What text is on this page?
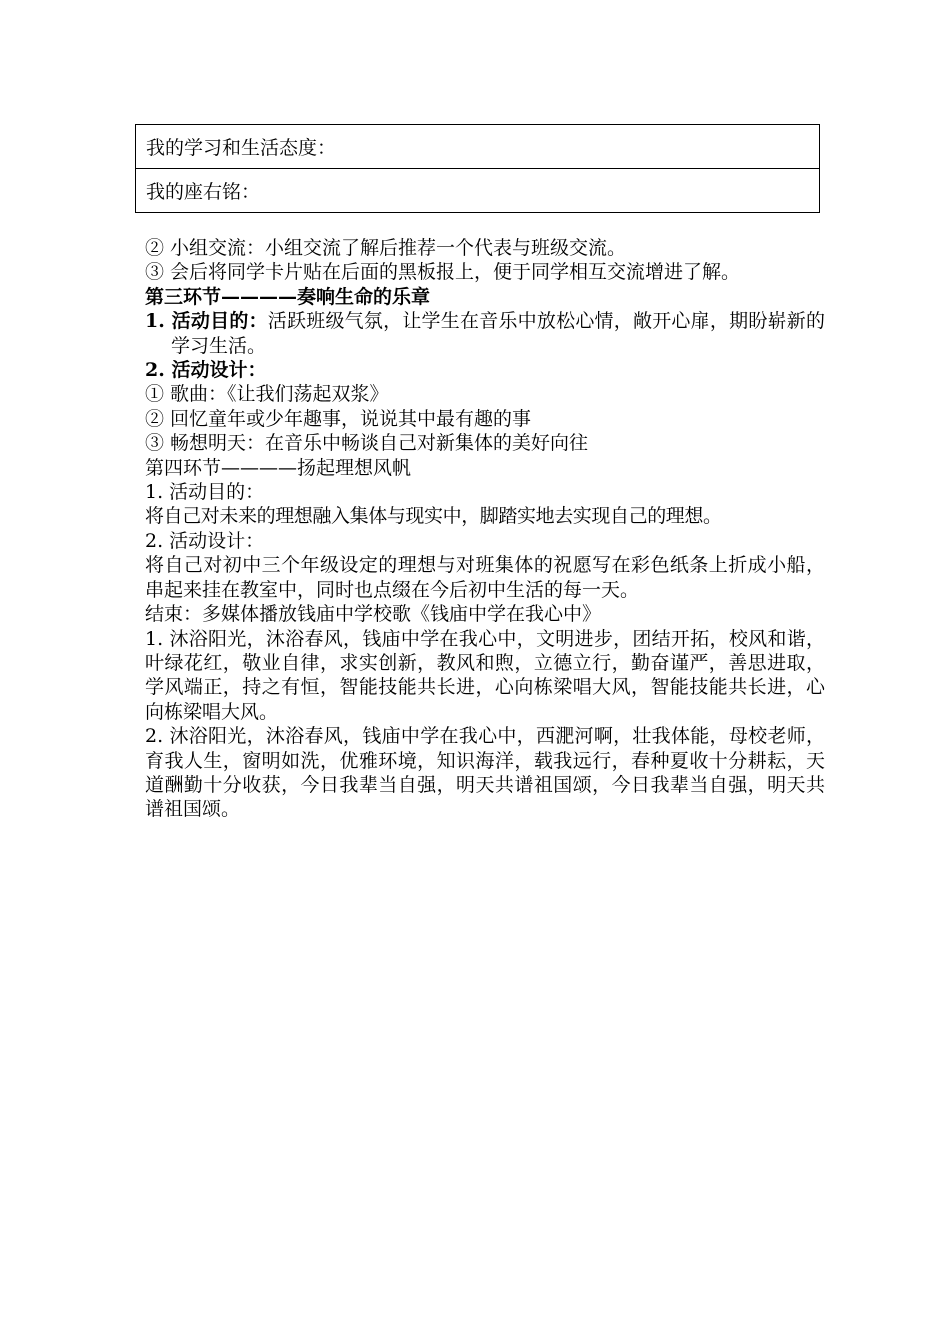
我的学习和生活态度：
我的座右铭：
② 小组交流：小组交流了解后推荐一个代表与班级交流。
③ 会后将同学卡片贴在后面的黑板报上，便于同学相互交流增进了解。
第三环节————奏响生命的乐章
1. 活动目的：活跃班级气氛，让学生在音乐中放松心情，敞开心扉，期盼崭新的学习生活。
2. 活动设计：
① 歌曲：《让我们荡起双浆》
② 回忆童年或少年趣事，说说其中最有趣的事
③ 畅想明天：在音乐中畅谈自己对新集体的美好向往
第四环节————扬起理想风帆
1. 活动目的：
将自己对未来的理想融入集体与现实中，脚踏实地去实现自己的理想。
2. 活动设计：
将自己对初中三个年级设定的理想与对班集体的祝愿写在彩色纸条上折成小船，串起来挂在教室中，同时也点缀在今后初中生活的每一天。
结束：多媒体播放钱庙中学校歌《钱庙中学在我心中》
1. 沐浴阳光，沐浴春风，钱庙中学在我心中，文明进步，团结开拓，校风和谐，叶绿花红，敬业自律，求实创新，教风和煦，立德立行，勤奋谨严，善思进取，学风端正，持之有恒，智能技能共长进，心向栋梁唱大风，智能技能共长进，心向栋梁唱大风。
2. 沐浴阳光，沐浴春风，钱庙中学在我心中，西淝河啊，壮我体能，母校老师，育我人生，窗明如洗，优雅环境，知识海洋，载我远行，春种夏收十分耕耘，天道酬勤十分收获，今日我辈当自强，明天共谱祖国颂，今日我辈当自强，明天共谱祖国颂。
